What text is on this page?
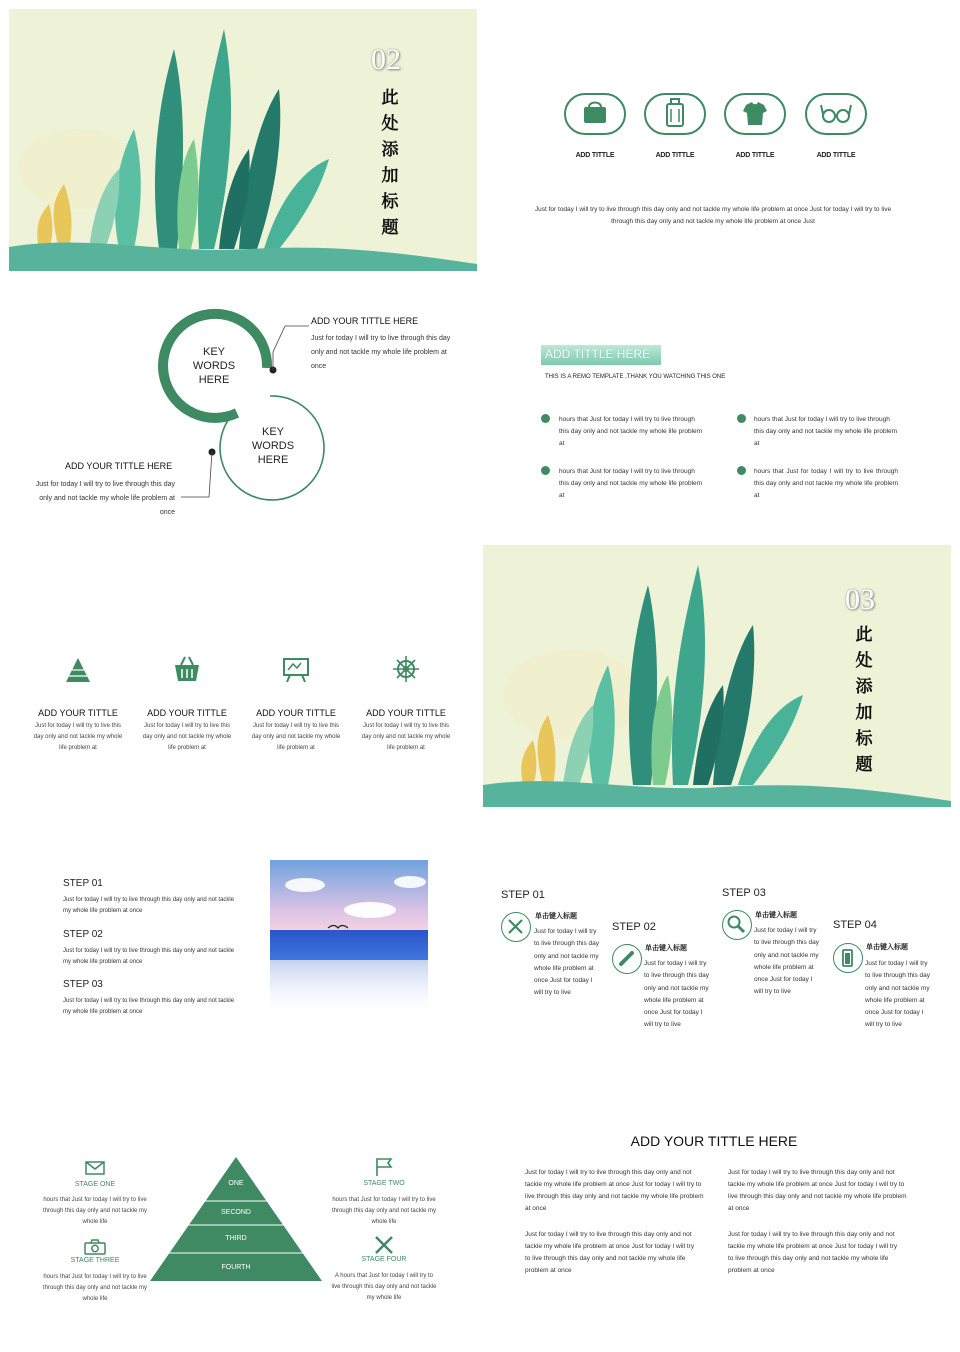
02
此
处
添
加
标
题
ADD TITTLE	ADD TITTLE	ADD TITTLE	ADD TITTLE
Just for today I will try to live through this day only and not tackle my whole life problem at once Just for today I will try to live through this day only and not tackle my whole life problem at once Just
KEY WORDS HERE
KEY WORDS HERE
ADD YOUR TITTLE HERE
Just for today I will try to live through this day only and not tackle my whole life problem at once
ADD YOUR TITTLE HERE
Just for today I will try to live through this day only and not tackle my whole life problem at once
ADD TITTLE HERE
THIS IS A REMO TEMPLATE ,THANK YOU WATCHING THIS ONE
hours that Just for today I will try to live through this day only and not tackle my whole life problem at
hours that Just for today I will try to live through this day only and not tackle my whole life problem at
hours that Just for today I will try to live through this day only and not tackle my whole life problem at
hours that Just for today I will try to live through this day only and not tackle my whole life problem at
ADD YOUR TITTLE
Just for today I will try to live this day only and not tackle my whole life problem at
ADD YOUR TITTLE
Just for today I will try to live this day only and not tackle my whole life problem at
ADD YOUR TITTLE
Just for today I will try to live this day only and not tackle my whole life problem at
ADD YOUR TITTLE
Just for today I will try to live this day only and not tackle my whole life problem at
03
此
处
添
加
标
题
STEP 01
Just for today I will try to live through this day only and not tackle my whole life problem at once
STEP 02
Just for today I will try to live through this day only and not tackle my whole life problem at once
STEP 03
Just for today I will try to live through this day only and not tackle my whole life problem at once
STEP 01
单击键入标题
Just for today I will try to live through this day only and not tackle my whole life problem at once Just for today I will try to live
STEP 02
单击键入标题
Just for today I will try to live through this day only and not tackle my whole life problem at once Just for today I will try to live
STEP 03
单击键入标题
Just for today I will try to live through this day only and not tackle my whole life problem at once Just for today I will try to live
STEP 04
单击键入标题
Just for today I will try to live through this day only and not tackle my whole life problem at once Just for today I will try to live
ONE
SECOND
THIRD
FOURTH
STAGE ONE
hours that Just for today I will try to live through this day only and not tackle my whole life
STAGE TWO
hours that Just for today I will try to live through this day only and not tackle my whole life
STAGE THREE
hours that Just for today I will try to live through this day only and not tackle my whole life
STAGE FOUR
A hours that Just for today I will try to live through this day only and not tackle my whole life
ADD YOUR TITTLE HERE
Just for today I will try to live through this day only and not tackle my whole life problem at once Just for today I will try to live through this day only and not tackle my whole life problem at once
Just for today I will try to live through this day only and not tackle my whole life problem at once Just for today I will try to live through this day only and not tackle my whole life problem at once
Just for today I will try to live through this day only and not tackle my whole life problem at once Just for today I will try to live through this day only and not tackle my whole life problem at once
Just for today I will try to live through this day only and not tackle my whole life problem at once Just for today I will try to live through this day only and not tackle my whole life problem at once
